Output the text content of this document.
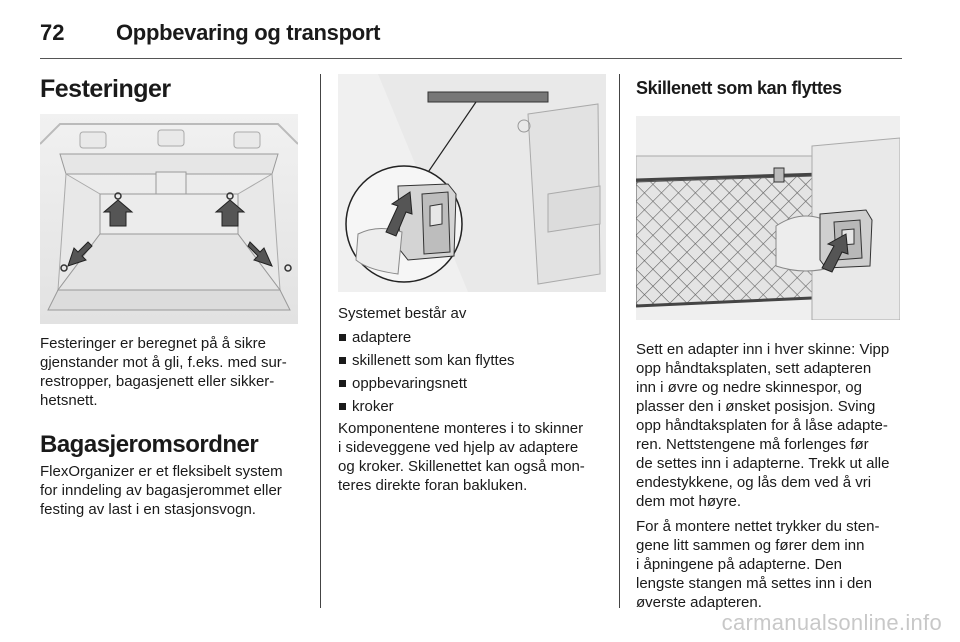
72 Oppbevaring og transport
Festeringer

Festeringer er beregnet på å sikre
gjenstander mot å gli, f.eks. med sur-
restropper, bagasjenett eller sikker-
hetsnett.

Bagasjeromsordner

FlexOrganizer er et fleksibelt system
for inndeling av bagasjerommet eller
festing av last i en stasjonsvogn.

Systemet består av

adaptere
skillenett som kan flyttes
oppbevaringsnett
kroker

Komponentene monteres i to skinner
i sideveggene ved hjelp av adaptere
og kroker. Skillenettet kan også mon-
teres direkte foran bakluken.

Skillenett som kan flyttes

Sett en adapter inn i hver skinne: Vipp
opp håndtaksplaten, sett adapteren
inn i øvre og nedre skinnespor, og
plasser den i ønsket posisjon. Sving
opp håndtaksplaten for å låse adapte-
ren. Nettstengene må forlenges før
de settes inn i adapterne. Trekk ut alle
endestykkene, og lås dem ved å vri
dem mot høyre.

For å montere nettet trykker du sten-
gene litt sammen og fører dem inn
i åpningene på adapterne. Den
lengste stangen må settes inn i den
øverste adapteren.

carmanualsonline.info
